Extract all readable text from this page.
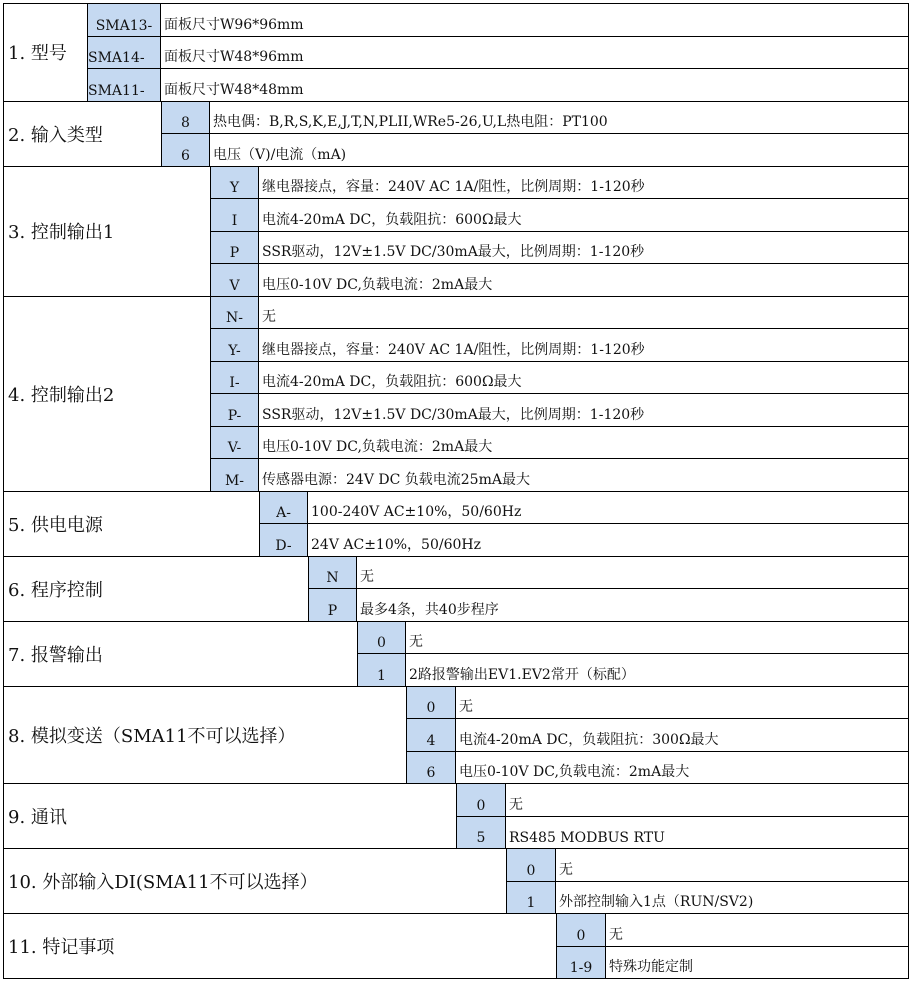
1. 型号
SMA13- 面板尺寸W96*96mm
SMA14-	面板尺寸W48*96mm
SMA11-	面板尺寸W48*48mm
2. 输入类型
8	热电偶：B,R,S,K,E,J,T,N,PLII,WRe5-26,U,L热电阻：PT100
6	电压（V)/电流（mA)
3. 控制输出1
Y	继电器接点，容量：240V AC 1A/阻性，比例周期：1-120秒
I	电流4-20mA DC，负载阻抗：600Ω最大
P	SSR驱动，12V±1.5V DC/30mA最大，比例周期：1-120秒
V	电压0-10V DC,负载电流：2mA最大
4. 控制输出2
N-	无
Y-	继电器接点，容量：240V AC 1A/阻性，比例周期：1-120秒
I-	电流4-20mA DC，负载阻抗：600Ω最大
P-	SSR驱动，12V±1.5V DC/30mA最大，比例周期：1-120秒
V-	电压0-10V DC,负载电流：2mA最大
M-	传感器电源：24V DC 负载电流25mA最大
5. 供电电源
A-	100-240V AC±10%，50/60Hz
D-	24V AC±10%，50/60Hz
6. 程序控制
N	无
P	最多4条，共40步程序
7. 报警输出
0	无
1	2路报警输出EV1.EV2常开（标配）
8. 模拟变送（SMA11不可以选择）
0	无
4	电流4-20mA DC，负载阻抗：300Ω最大
6	电压0-10V DC,负载电流：2mA最大
9. 通讯
0	无
5	RS485 MODBUS RTU
10. 外部输入DI(SMA11不可以选择）
0	无
1	外部控制输入1点（RUN/SV2)
11. 特记事项
0	无
1-9	特殊功能定制
